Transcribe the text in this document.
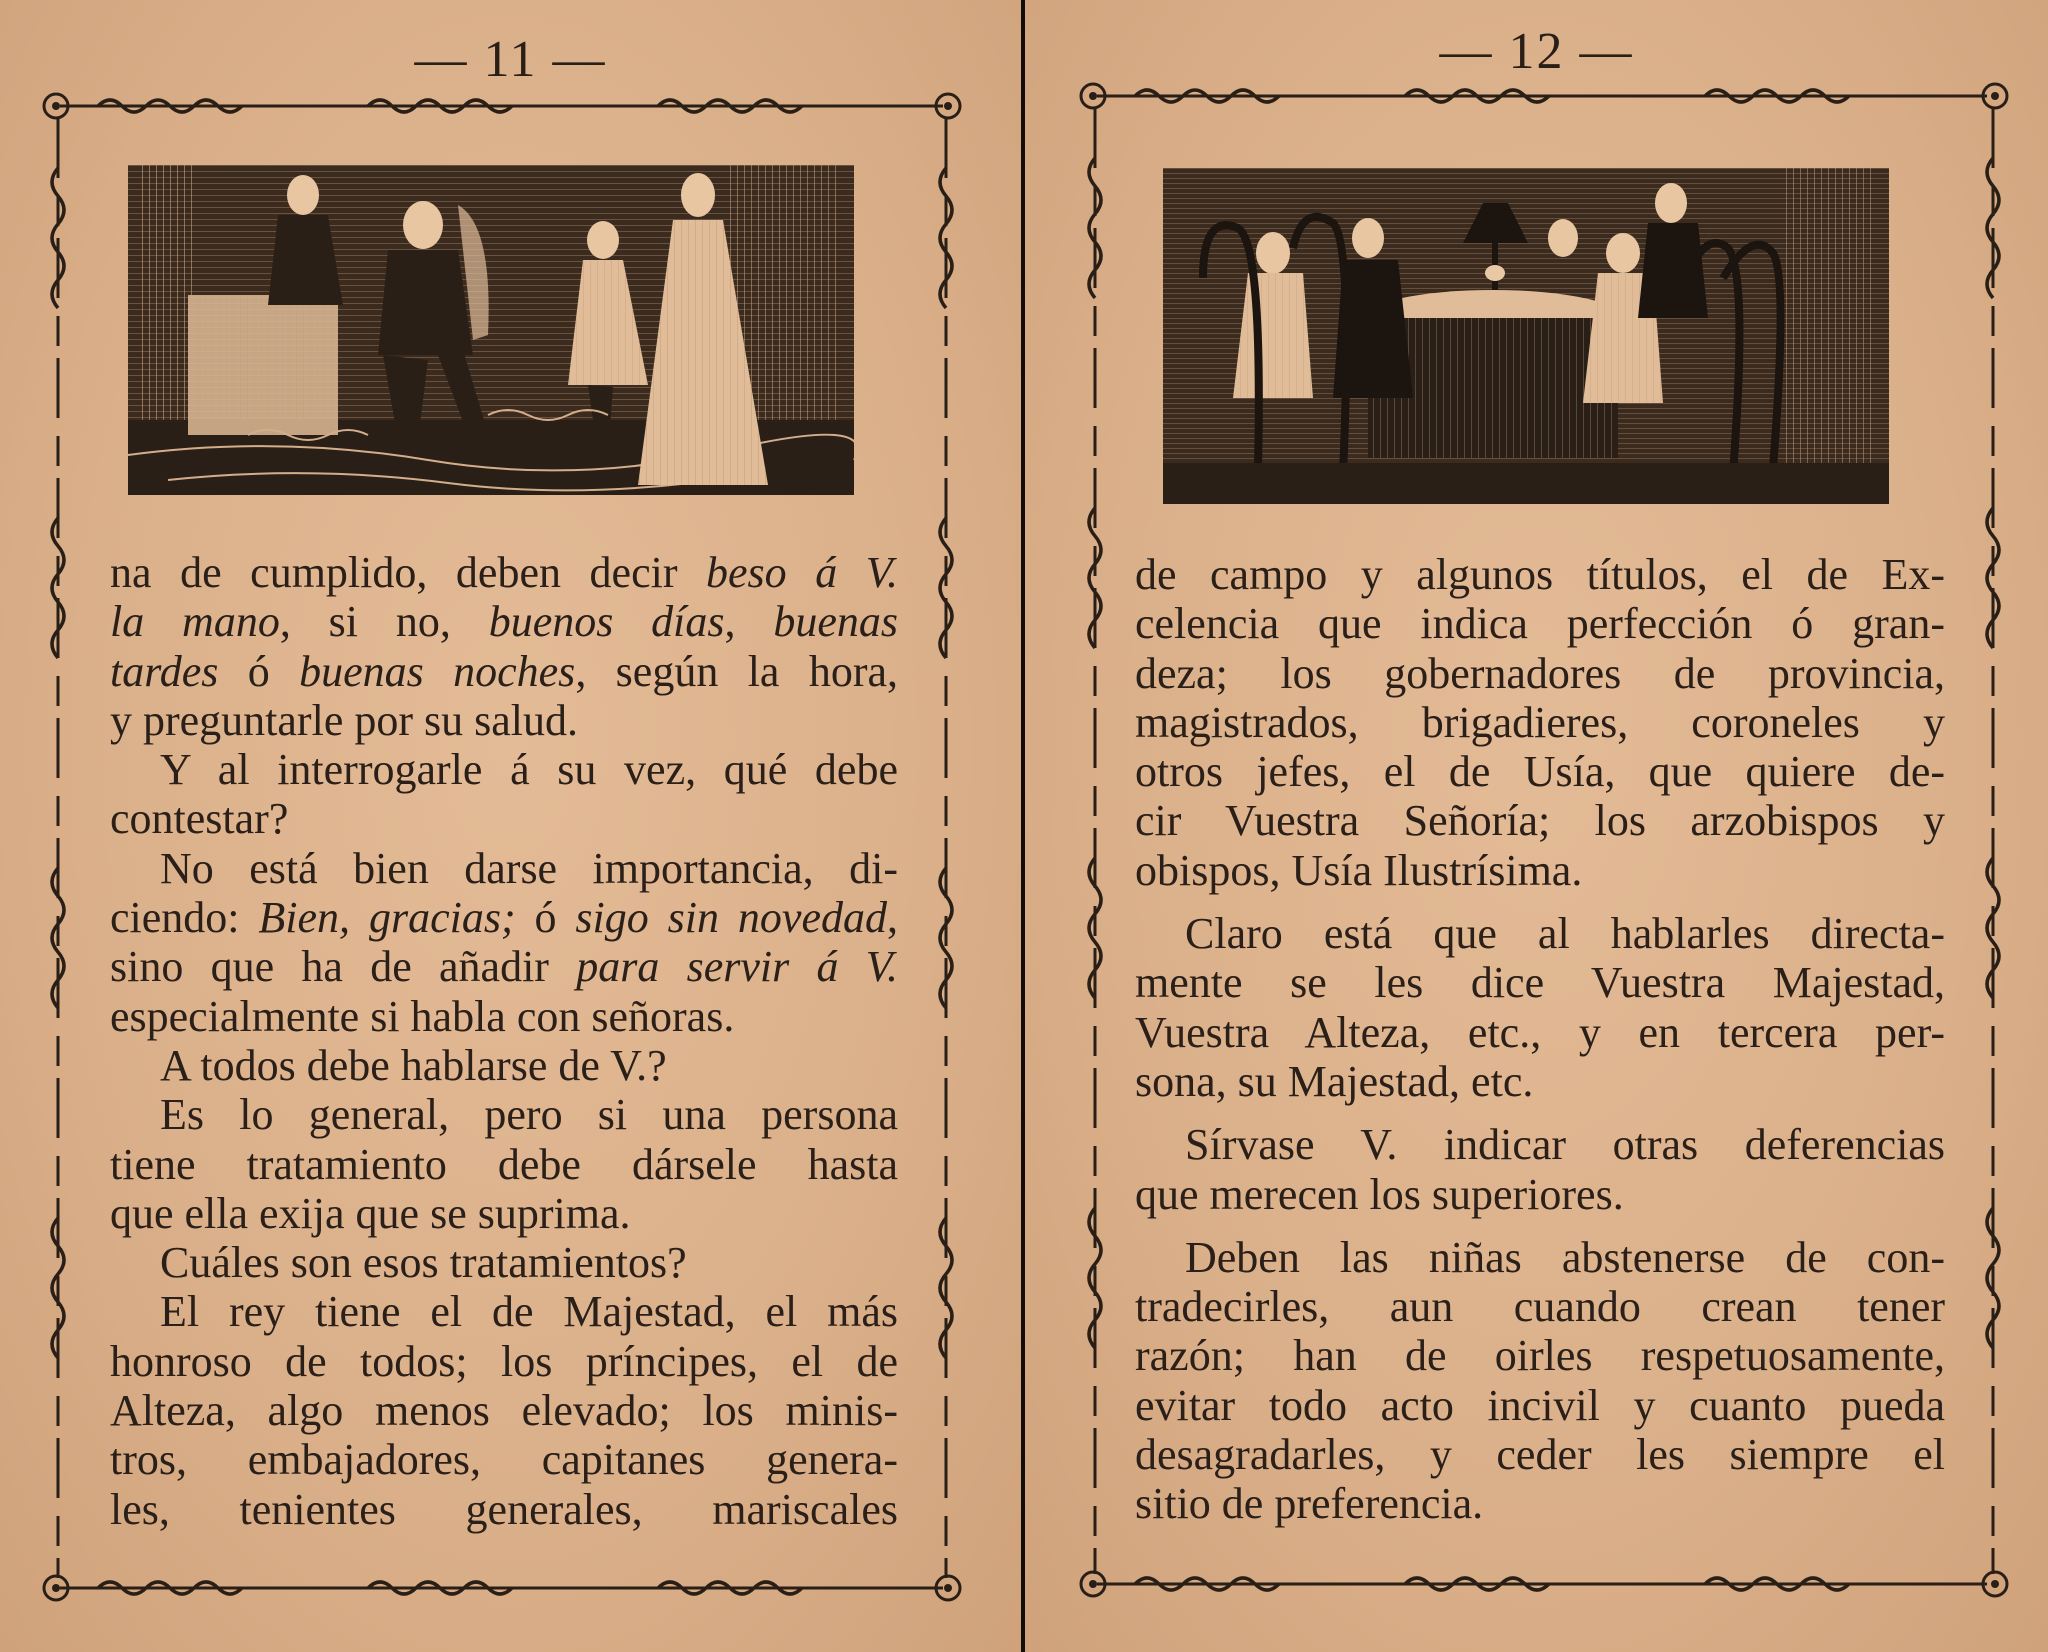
— 11 —
na de cumplido, deben decir beso á V.
la mano, si no, buenos días, buenas
tardes ó buenas noches, según la hora,
y preguntarle por su salud.
Y al interrogarle á su vez, qué debe
contestar?
No está bien darse importancia, di-
ciendo: Bien, gracias; ó sigo sin novedad,
sino que ha de añadir para servir á V.
especialmente si habla con señoras.
A todos debe hablarse de V.?
Es lo general, pero si una persona
tiene tratamiento debe dársele hasta
que ella exija que se suprima.
Cuáles son esos tratamientos?
El rey tiene el de Majestad, el más
honroso de todos; los príncipes, el de
Alteza, algo menos elevado; los minis-
tros, embajadores, capitanes genera-
les, tenientes generales, mariscales
— 12 —
de campo y algunos títulos, el de Ex-
celencia que indica perfección ó gran-
deza; los gobernadores de provincia,
magistrados, brigadieres, coroneles y
otros jefes, el de Usía, que quiere de-
cir Vuestra Señoría; los arzobispos y
obispos, Usía Ilustrísima.
Claro está que al hablarles directa-
mente se les dice Vuestra Majestad,
Vuestra Alteza, etc., y en tercera per-
sona, su Majestad, etc.
Sírvase V. indicar otras deferencias
que merecen los superiores.
Deben las niñas abstenerse de con-
tradecirles, aun cuando crean tener
razón; han de oirles respetuosamente,
evitar todo acto incivil y cuanto pueda
desagradarles, y ceder les siempre el
sitio de preferencia.
